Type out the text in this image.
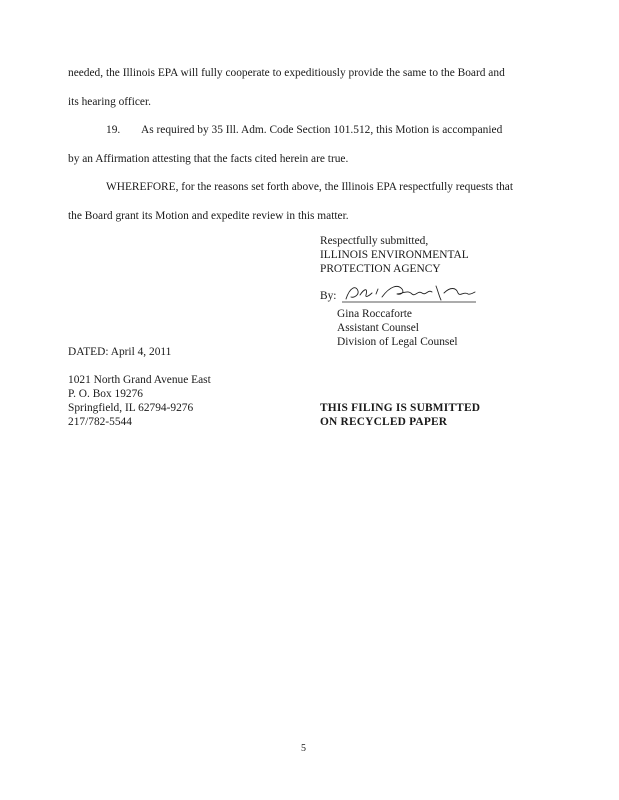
needed, the Illinois EPA will fully cooperate to expeditiously provide the same to the Board and
its hearing officer.
19. As required by 35 Ill. Adm. Code Section 101.512, this Motion is accompanied
by an Affirmation attesting that the facts cited herein are true.
WHEREFORE, for the reasons set forth above, the Illinois EPA respectfully requests that
the Board grant its Motion and expedite review in this matter.
Respectfully submitted,
ILLINOIS ENVIRONMENTAL
PROTECTION AGENCY
By:
Gina Roccaforte
Assistant Counsel
Division of Legal Counsel
DATED: April 4, 2011
1021 North Grand Avenue East
P. O. Box 19276
Springfield, IL 62794-9276
217/782-5544
THIS FILING IS SUBMITTED
ON RECYCLED PAPER
5
